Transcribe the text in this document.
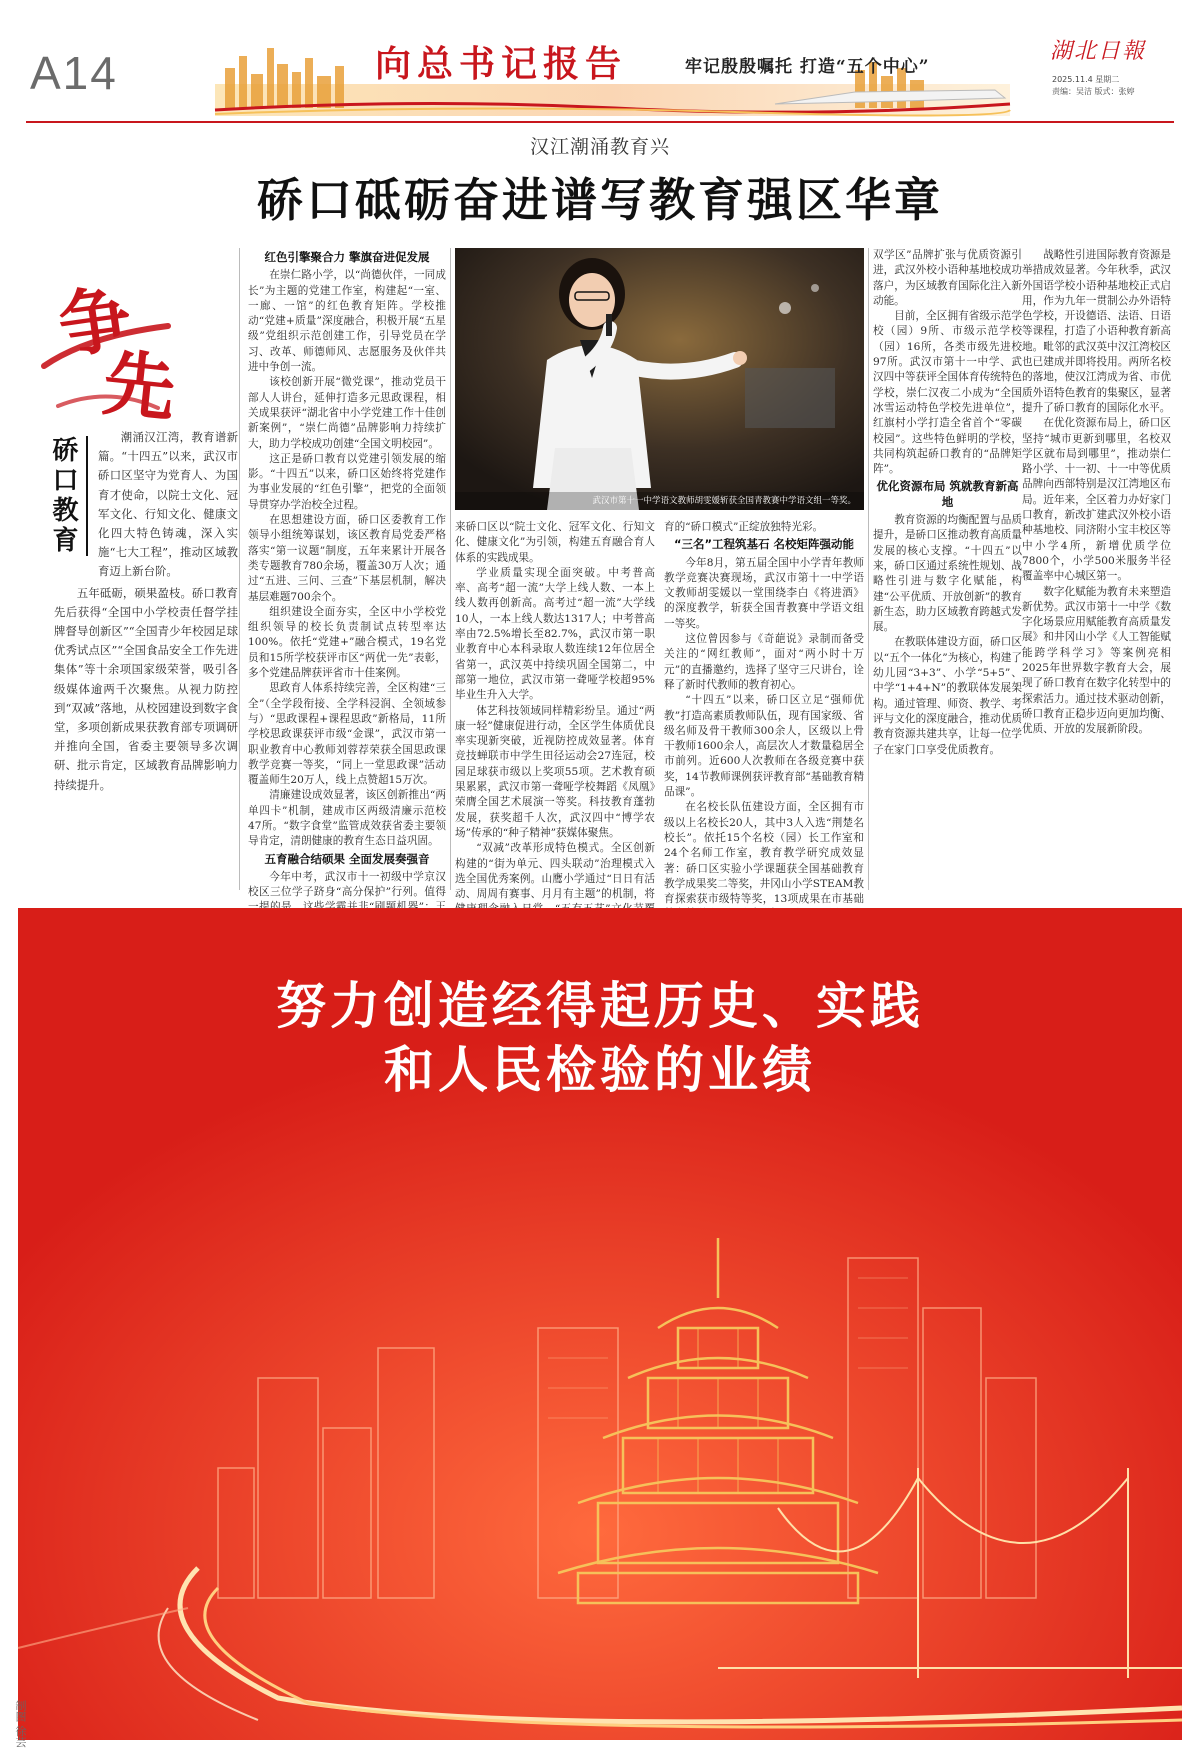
A14	向总书记报告	牢记殷殷嘱托 打造“五个中心”
湖北日報
2025.11.4 星期二
责编：吴洁 版式：张婷
汉江潮涌教育兴
硚口砥砺奋进谱写教育强区华章
争
先
硚口教育	潮涌汉江湾，教育谱新篇。“十四五”以来，武汉市硚口区坚守为党育人、为国育才使命，以院士文化、冠军文化、行知文化、健康文化四大特色铸魂，深入实施“七大工程”，推动区域教育迈上新台阶。

五年砥砺，硕果盈枝。硚口教育先后获得“全国中小学校责任督学挂牌督导创新区”“全国青少年校园足球优秀试点区”“全国食品安全工作先进集体”等十余项国家级荣誉，吸引各级媒体逾两千次聚焦。从视力防控到“双减”落地，从校园建设到数字食堂，多项创新成果获教育部专项调研并推向全国，省委主要领导多次调研、批示肯定，区域教育品牌影响力持续提升。

红色引擎聚合力 擎旗奋进促发展

在崇仁路小学，以“尚德伙伴，一同成长”为主题的党建工作室，构建起“一室、一廊、一馆”的红色教育矩阵。学校推动“党建+质量”深度融合，积极开展“五星级”党组织示范创建工作，引导党员在学习、改革、师德师风、志愿服务及伙伴共进中争创一流。

该校创新开展“微党课”，推动党员干部人人讲台，延伸打造多元思政课程，相关成果获评“湖北省中小学党建工作十佳创新案例”，“崇仁尚德”品牌影响力持续扩大，助力学校成功创建“全国文明校园”。

这正是硚口教育以党建引领发展的缩影。“十四五”以来，硚口区始终将党建作为事业发展的“红色引擎”，把党的全面领导贯穿办学治校全过程。

在思想建设方面，硚口区委教育工作领导小组统筹谋划，该区教育局党委严格落实“第一议题”制度，五年来累计开展各类专题教育780余场，覆盖30万人次；通过“五进、三问、三查”下基层机制，解决基层难题700余个。

组织建设全面夯实，全区中小学校党组织领导的校长负责制试点转型率达100%。依托“党建+”融合模式，19名党员和15所学校获评市区“两优一先”表彰，多个党建品牌获评省市十佳案例。

思政育人体系持续完善，全区构建“三全”（全学段衔接、全学科浸润、全领域参与）“思政课程+课程思政”新格局，11所学校思政课获评市级“金课”，武汉市第一职业教育中心教师刘蓉荐荣获全国思政课教学竞赛一等奖，“同上一堂思政课”活动覆盖师生20万人，线上点赞超15万次。

清廉建设成效显著，该区创新推出“两单四卡”机制，建成市区两级清廉示范校47所。“数字食堂”监管成效获省委主要领导肯定，清朗健康的教育生态日益巩固。

五育融合结硕果 全面发展奏强音

今年中考，武汉市十一初级中学京汉校区三位学子跻身“高分保护”行列。值得

武汉市第十一中学语文教师胡雯媛斩获全国青教赛中学语文组一等奖。

来硚口区以“院士文化、冠军文化、行知文化、健康文化”为引领，构建五育融合育人体系的实践成果。

学业质量实现全面突破。中考普高率、高考“超一流”大学上线人数、一本上线人数再创新高。高考过“超一流”大学线10人，一本上线人数达1317人；中考普高率由72.5%增长至82.7%，武汉市第一职业教育中心本科录取人数连续12年位居全省第一，武汉英中持续巩固全国第二，中部第一地位，武汉市第一聋哑学校超95%毕业生升入大学。

体艺科技领域同样精彩纷呈。通过“两康一轻”健康促进行动，全区学生体质优良率实现新突破，近视防控成效显著。体育竞技蝉联市中学生田径运动会27连冠，校园足球获市级以上奖项55项。艺术教育硕果累累，武汉市第一聋哑学校舞蹈《凤凰》荣膺全国艺术展演一等奖。科技教育蓬勃发展，获奖超千人次，武汉四中“博学农场”传承的“种子精神”获媒体聚焦。

“双减”改革形成特色模式。全区创新构建的“街为单元、四头联动”治理模式入选全国优秀案例。山鹰小学通过“日日有活动、周周有赛事、月月有主题”的机制，将

育的“硚口模式”正绽放独特光彩。

“三名”工程筑基石 名校矩阵强动能

今年8月，第五届全国中小学青年教师教学竞赛决赛现场，武汉市第十一中学语文教师胡雯媛以一堂围绕李白《将进酒》的深度教学，斩获全国青教赛中学语文组一等奖。

这位曾因参与《奇葩说》录制而备受关注的“网红教师”，面对“两小时十万元”的直播邀约，选择了坚守三尺讲台，诠释了新时代教师的教育初心。

“十四五”以来，硚口区立足“强师优教”打造高素质教师队伍，现有国家级、省级名师及骨干教师300余人，区级以上骨干教师1600余人，高层次人才数量稳居全市前列。近600人次教师在各级竞赛中获奖，14节教师课例获评教育部“基础教育精品课”。

在名校长队伍建设方面，全区拥有市级以上名校长20人，其中3人入选“荆楚名校长”。依托15个名校（园）长工作室和24个名师工作室，教育教学研究成效显著：硚口区实验小学课题获全国基础教育教学成果奖二等奖，井冈山小学STEAM教育探索获市级特等奖，13项成果在市基础

双学区”品牌扩张与优质资源引进，武汉外校小语种基地校成功落户，为区域教育国际化注入新动能。

目前，全区拥有省级示范学校（园）9所、市级示范学校（园）16所，各类市级先进校97所。武汉市第十一中学、武汉四中等获评全国体育传统特色学校，崇仁汉夜二小成为“全国冰雪运动特色学校先进单位”，红旗村小学打造全省首个“零碳校园”。这些特色鲜明的学校，共同构筑起硚口教育的“品牌矩阵”。

优化资源布局 筑就教育新高地

教育资源的均衡配置与品质提升，是硚口区推动教育高质量发展的核心支撑。“十四五”以来，硚口区通过系统性规划、战略性引进与数字化赋能，构建“公平优质、开放创新”的教育新生态，助力区域教育跨越式发展。

在教联体建设方面，硚口区以“五个一体化”为核心，构建了幼儿园“3+3”、小学“5+5”、中学“1+4+N”的教联体发展架构。通过管理、师资、教学、考评与文化的深度融合，推动优质教育资源共建共享，让每一位学子在家门口享受优质教育。

战略性引进国际教育资源是举措成效显著。今年秋季，武汉外国语学校小语种基地校正式启用，作为九年一贯制公办外语特色学校，开设德语、法语、日语等课程，打造了小语种教育新高地。毗邻的武汉英中汉江湾校区也已建成并即将投用。两所名校的落地，使汉江湾成为省、市优质外语特色教育的集聚区，显著提升了硚口教育的国际化水平。

在优化资源布局上，硚口区坚持“城市更新到哪里，名校双学区就布局到哪里”，推动崇仁路小学、十一初、十一中等优质品牌向西部特别是汉江湾地区布局。近年来，全区着力办好家门口教育，新改扩建武汉外校小语种基地校、同济附小宝丰校区等中小学4所，新增优质学位7800个，小学500米服务半径覆盖率中心城区第一。

数字化赋能为教育未来塑造新优势。武汉市第十一中学《数字化场景应用赋能教育高质量发展》和井冈山小学《人工智能赋能跨学科学习》等案例亮相2025年世界数字教育大会，展现了硚口教育在数字化转型中的探索活力。通过技术驱动创新，硚口教育正稳步迈向更加均衡、优质、开放的发展新阶段。

努力创造经得起历史、实践
和人民检验的业绩
制图 徐芸
